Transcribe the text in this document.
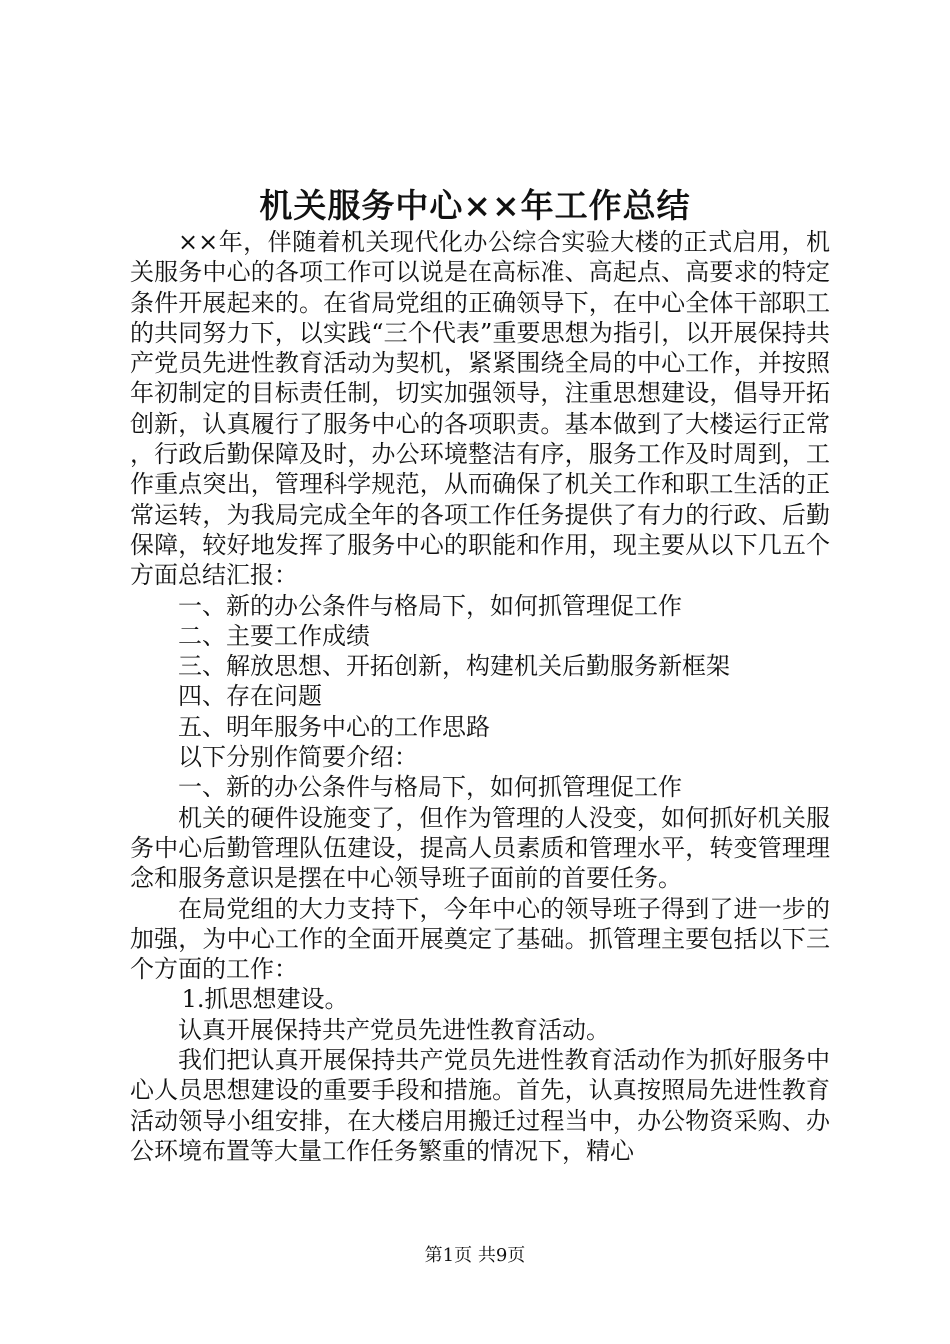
机关服务中心××年工作总结

××年，伴随着机关现代化办公综合实验大楼的正式启用，机关服务中心的各项工作可以说是在高标准、高起点、高要求的特定条件开展起来的。在省局党组的正确领导下，在中心全体干部职工的共同努力下，以实践“三个代表”重要思想为指引，以开展保持共产党员先进性教育活动为契机，紧紧围绕全局的中心工作，并按照年初制定的目标责任制，切实加强领导，注重思想建设，倡导开拓创新，认真履行了服务中心的各项职责。基本做到了大楼运行正常，行政后勤保障及时，办公环境整洁有序，服务工作及时周到，工作重点突出，管理科学规范，从而确保了机关工作和职工生活的正常运转，为我局完成全年的各项工作任务提供了有力的行政、后勤保障，较好地发挥了服务中心的职能和作用，现主要从以下几五个方面总结汇报：

一、新的办公条件与格局下，如何抓管理促工作

二、主要工作成绩

三、解放思想、开拓创新，构建机关后勤服务新框架

四、存在问题

五、明年服务中心的工作思路

以下分别作简要介绍：

一、新的办公条件与格局下，如何抓管理促工作

机关的硬件设施变了，但作为管理的人没变，如何抓好机关服务中心后勤管理队伍建设，提高人员素质和管理水平，转变管理理念和服务意识是摆在中心领导班子面前的首要任务。

在局党组的大力支持下，今年中心的领导班子得到了进一步的加强，为中心工作的全面开展奠定了基础。抓管理主要包括以下三个方面的工作：

1.抓思想建设。

认真开展保持共产党员先进性教育活动。

我们把认真开展保持共产党员先进性教育活动作为抓好服务中心人员思想建设的重要手段和措施。首先，认真按照局先进性教育活动领导小组安排，在大楼启用搬迁过程当中，办公物资采购、办公环境布置等大量工作任务繁重的情况下，精心

第1页 共9页
